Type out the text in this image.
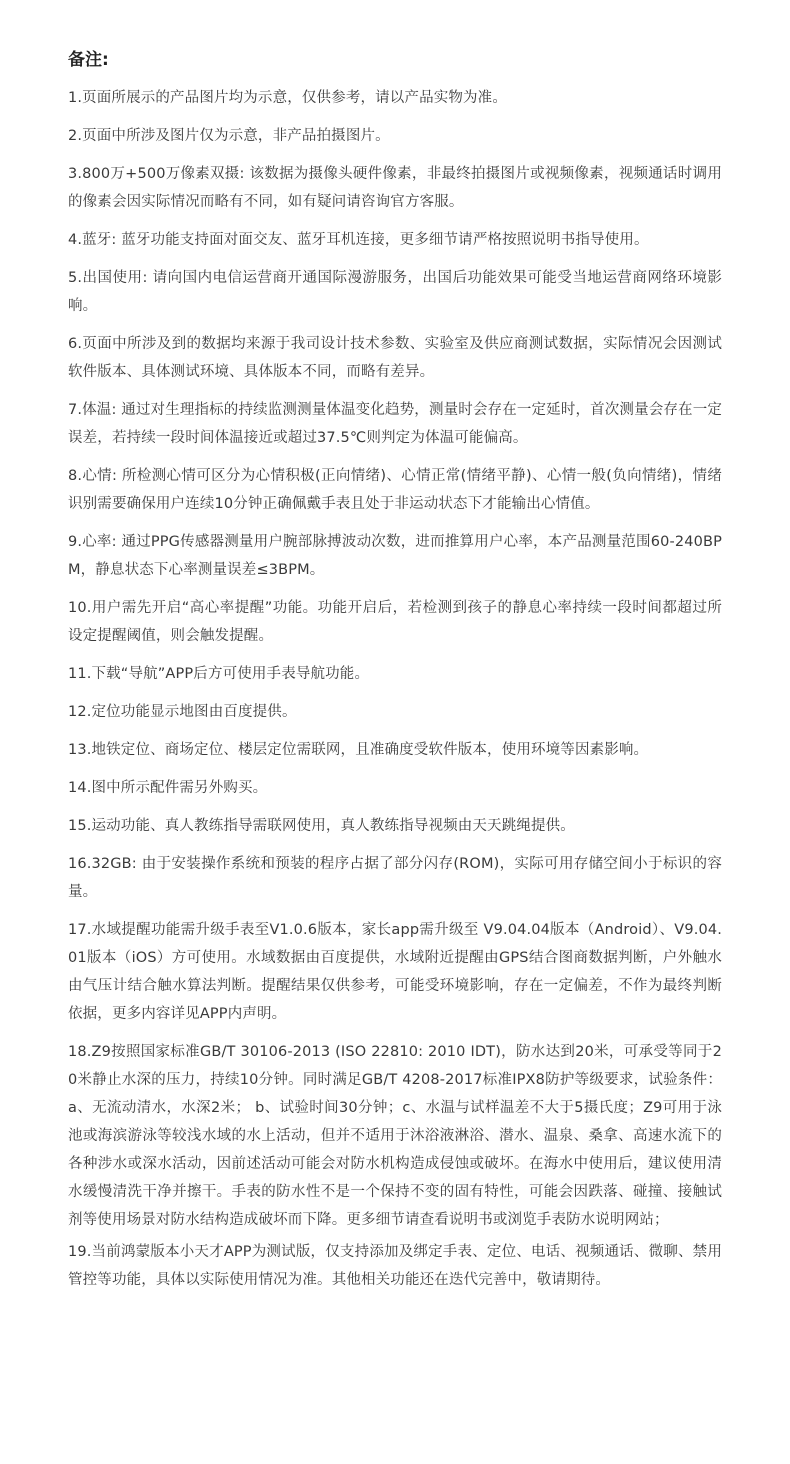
备注:
1.页面所展示的产品图片均为示意，仅供参考，请以产品实物为准。
2.页面中所涉及图片仅为示意，非产品拍摄图片。
3.800万+500万像素双摄: 该数据为摄像头硬件像素，非最终拍摄图片或视频像素，视频通话时调用的像素会因实际情况而略有不同，如有疑问请咨询官方客服。
4.蓝牙: 蓝牙功能支持面对面交友、蓝牙耳机连接，更多细节请严格按照说明书指导使用。
5.出国使用: 请向国内电信运营商开通国际漫游服务，出国后功能效果可能受当地运营商网络环境影响。
6.页面中所涉及到的数据均来源于我司设计技术参数、实验室及供应商测试数据，实际情况会因测试软件版本、具体测试环境、具体版本不同，而略有差异。
7.体温: 通过对生理指标的持续监测测量体温变化趋势，测量时会存在一定延时，首次测量会存在一定误差，若持续一段时间体温接近或超过37.5℃则判定为体温可能偏高。
8.心情: 所检测心情可区分为心情积极(正向情绪)、心情正常(情绪平静)、心情一般(负向情绪)，情绪识别需要确保用户连续10分钟正确佩戴手表且处于非运动状态下才能输出心情值。
9.心率: 通过PPG传感器测量用户腕部脉搏波动次数，进而推算用户心率，本产品测量范围60-240BPM，静息状态下心率测量误差≤3BPM。
10.用户需先开启“高心率提醒”功能。功能开启后，若检测到孩子的静息心率持续一段时间都超过所设定提醒阈值，则会触发提醒。
11.下载“导航”APP后方可使用手表导航功能。
12.定位功能显示地图由百度提供。
13.地铁定位、商场定位、楼层定位需联网，且准确度受软件版本，使用环境等因素影响。
14.图中所示配件需另外购买。
15.运动功能、真人教练指导需联网使用，真人教练指导视频由天天跳绳提供。
16.32GB: 由于安装操作系统和预装的程序占据了部分闪存(ROM)，实际可用存储空间小于标识的容量。
17.水域提醒功能需升级手表至V1.0.6版本，家长app需升级至 V9.04.04版本（Android）、V9.04.01版本（iOS）方可使用。水域数据由百度提供，水域附近提醒由GPS结合图商数据判断，户外触水由气压计结合触水算法判断。提醒结果仅供参考，可能受环境影响，存在一定偏差，不作为最终判断依据，更多内容详见APP内声明。
18.Z9按照国家标准GB/T 30106-2013 (ISO 22810: 2010 IDT)，防水达到20米，可承受等同于20米静止水深的压力，持续10分钟。同时满足GB/T 4208-2017标准IPX8防护等级要求，试验条件：a、无流动清水，水深2米； b、试验时间30分钟；c、水温与试样温差不大于5摄氏度；Z9可用于泳池或海滨游泳等较浅水域的水上活动，但并不适用于沐浴液淋浴、潜水、温泉、桑拿、高速水流下的各种涉水或深水活动，因前述活动可能会对防水机构造成侵蚀或破坏。在海水中使用后，建议使用清水缓慢清洗干净并擦干。手表的防水性不是一个保持不变的固有特性，可能会因跌落、碰撞、接触试剂等使用场景对防水结构造成破坏而下降。更多细节请查看说明书或浏览手表防水说明网站；
19.当前鸿蒙版本小天才APP为测试版，仅支持添加及绑定手表、定位、电话、视频通话、微聊、禁用管控等功能，具体以实际使用情况为准。其他相关功能还在迭代完善中，敬请期待。
